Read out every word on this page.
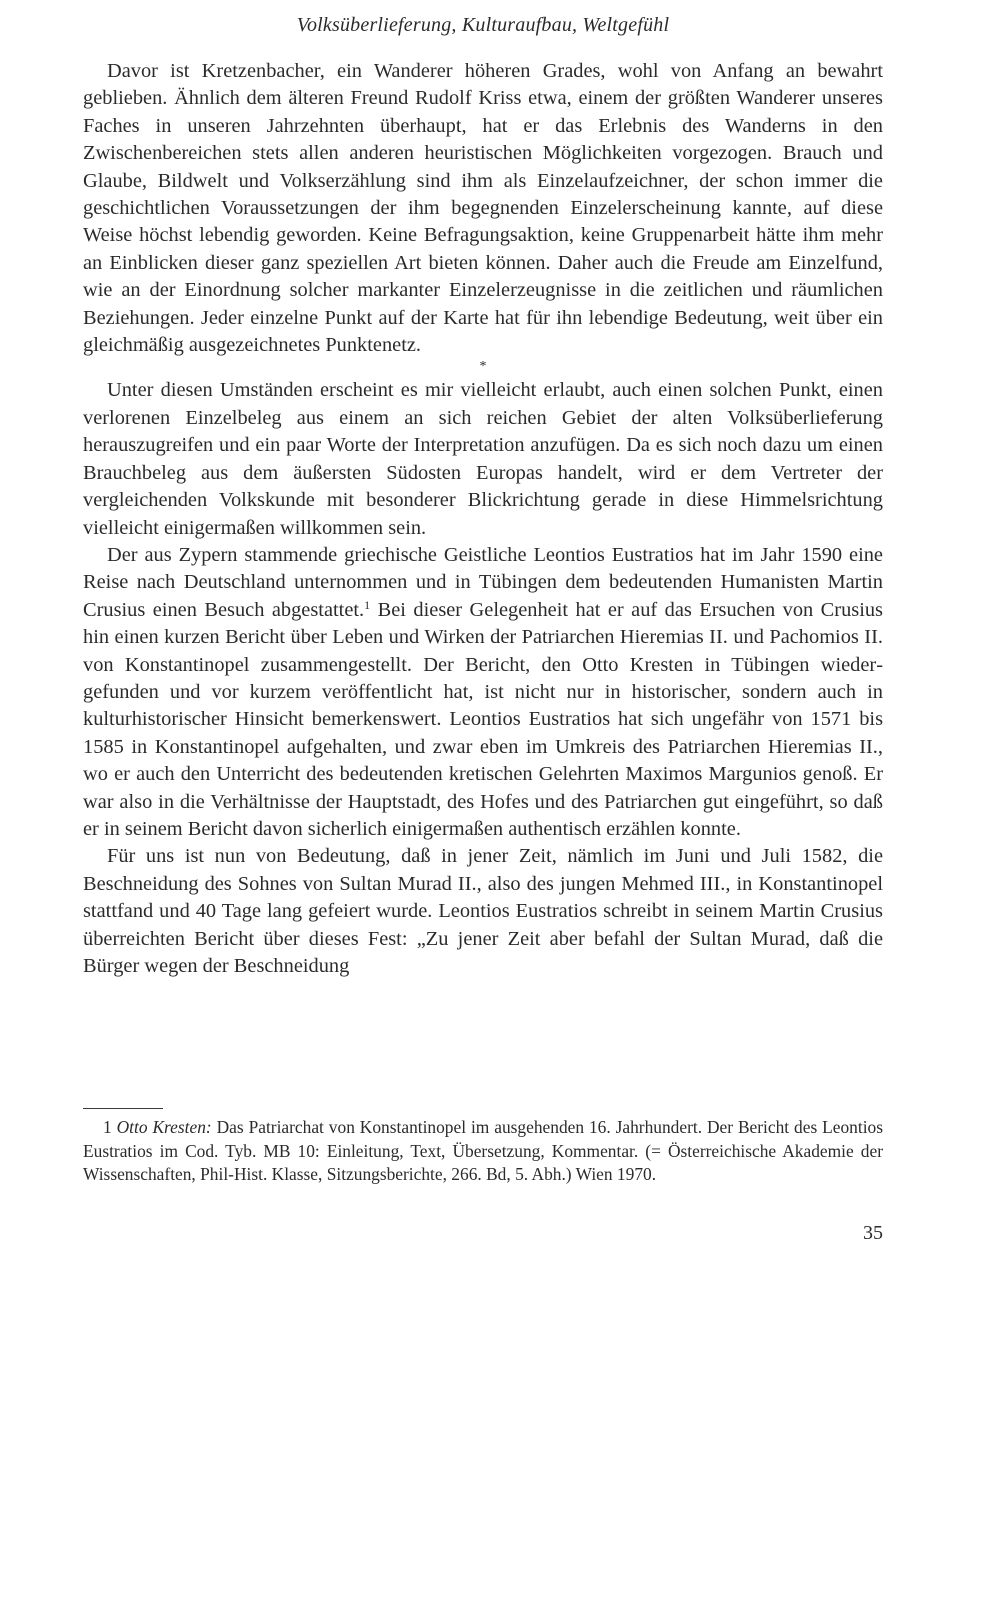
Volksüberlieferung, Kulturaufbau, Weltgefühl

Davor ist Kretzenbacher, ein Wanderer höheren Grades, wohl von Anfang an bewahrt geblieben. Ähnlich dem älteren Freund Rudolf Kriss etwa, einem der größten Wanderer unseres Faches in unseren Jahrzehnten überhaupt, hat er das Erlebnis des Wanderns in den Zwischenbereichen stets allen anderen heuristischen Möglichkeiten vorgezogen. Brauch und Glaube, Bildwelt und Volkserzählung sind ihm als Einzelaufzeichner, der schon immer die geschichtlichen Voraussetzungen der ihm begegnenden Einzelerscheinung kannte, auf diese Weise höchst lebendig geworden. Keine Befragungsaktion, keine Gruppenarbeit hätte ihm mehr an Einblicken dieser ganz speziellen Art bieten können. Daher auch die Freude am Einzelfund, wie an der Einordnung solcher markanter Einzelerzeugnisse in die zeitlichen und räumlichen Beziehungen. Jeder einzelne Punkt auf der Karte hat für ihn lebendige Bedeutung, weit über ein gleichmäßig ausgezeichnetes Punktenetz.

*

Unter diesen Umständen erscheint es mir vielleicht erlaubt, auch einen solchen Punkt, einen verlorenen Einzelbeleg aus einem an sich reichen Gebiet der alten Volksüberlieferung herauszugreifen und ein paar Worte der Interpretation anzufügen. Da es sich noch dazu um einen Brauchbeleg aus dem äußersten Südosten Europas handelt, wird er dem Vertreter der vergleichenden Volkskunde mit besonderer Blickrichtung gerade in diese Himmelsrichtung vielleicht einigermaßen willkommen sein.

Der aus Zypern stammende griechische Geistliche Leontios Eustratios hat im Jahr 1590 eine Reise nach Deutschland unternommen und in Tübingen dem bedeutenden Humanisten Martin Crusius einen Besuch abgestattet.$^1$ Bei dieser Gelegenheit hat er auf das Ersuchen von Crusius hin einen kurzen Bericht über Leben und Wirken der Patriarchen Hieremias II. und Pachomios II. von Konstantinopel zusammengestellt. Der Bericht, den Otto Kresten in Tübingen wiedergefunden und vor kurzem veröffentlicht hat, ist nicht nur in historischer, sondern auch in kulturhistorischer Hinsicht bemerkenswert. Leontios Eustratios hat sich ungefähr von 1571 bis 1585 in Konstantinopel aufgehalten, und zwar eben im Umkreis des Patriarchen Hieremias II., wo er auch den Unterricht des bedeutenden kretischen Gelehrten Maximos Margunios genoß. Er war also in die Verhältnisse der Hauptstadt, des Hofes und des Patriarchen gut eingeführt, so daß er in seinem Bericht davon sicherlich einigermaßen authentisch erzählen konnte.

Für uns ist nun von Bedeutung, daß in jener Zeit, nämlich im Juni und Juli 1582, die Beschneidung des Sohnes von Sultan Murad II., also des jungen Mehmed III., in Konstantinopel stattfand und 40 Tage lang gefeiert wurde. Leontios Eustratios schreibt in seinem Martin Crusius überreichten Bericht über dieses Fest: „Zu jener Zeit aber befahl der Sultan Murad, daß die Bürger wegen der Beschneidung

1 Otto Kresten: Das Patriarchat von Konstantinopel im ausgehenden 16. Jahrhundert. Der Bericht des Leontios Eustratios im Cod. Tyb. MB 10: Einleitung, Text, Übersetzung, Kommentar. (= Österreichische Akademie der Wissenschaften, Phil-Hist. Klasse, Sitzungsberichte, 266. Bd, 5. Abh.) Wien 1970.

35
